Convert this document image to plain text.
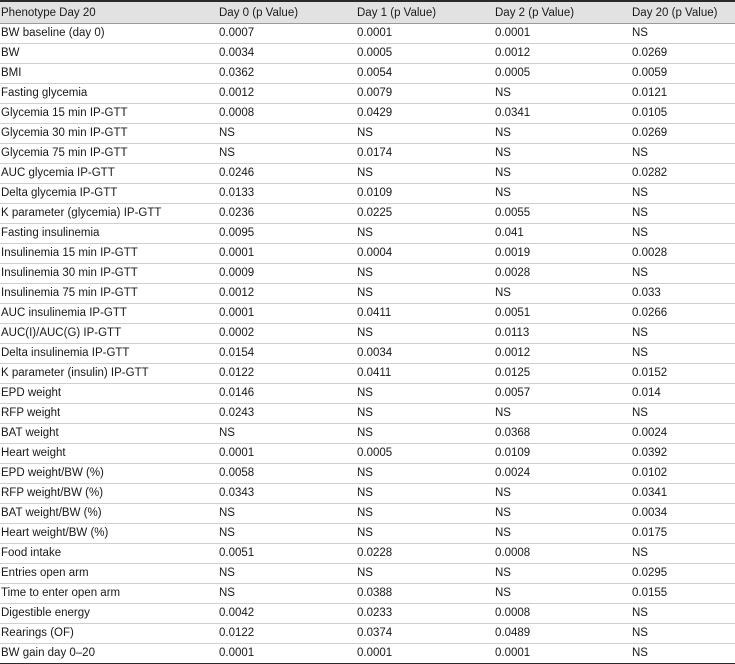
Phenotype Day 20	Day 0 (p Value)	Day 1 (p Value)	Day 2 (p Value)	Day 20 (p Value)
BW baseline (day 0)	0.0007	0.0001	0.0001	NS
BW	0.0034	0.0005	0.0012	0.0269
BMI	0.0362	0.0054	0.0005	0.0059
Fasting glycemia	0.0012	0.0079	NS	0.0121
Glycemia 15 min IP-GTT	0.0008	0.0429	0.0341	0.0105
Glycemia 30 min IP-GTT	NS	NS	NS	0.0269
Glycemia 75 min IP-GTT	NS	0.0174	NS	NS
AUC glycemia IP-GTT	0.0246	NS	NS	0.0282
Delta glycemia IP-GTT	0.0133	0.0109	NS	NS
K parameter (glycemia) IP-GTT	0.0236	0.0225	0.0055	NS
Fasting insulinemia	0.0095	NS	0.041	NS
Insulinemia 15 min IP-GTT	0.0001	0.0004	0.0019	0.0028
Insulinemia 30 min IP-GTT	0.0009	NS	0.0028	NS
Insulinemia 75 min IP-GTT	0.0012	NS	NS	0.033
AUC insulinemia IP-GTT	0.0001	0.0411	0.0051	0.0266
AUC(I)/AUC(G) IP-GTT	0.0002	NS	0.0113	NS
Delta insulinemia IP-GTT	0.0154	0.0034	0.0012	NS
K parameter (insulin) IP-GTT	0.0122	0.0411	0.0125	0.0152
EPD weight	0.0146	NS	0.0057	0.014
RFP weight	0.0243	NS	NS	NS
BAT weight	NS	NS	0.0368	0.0024
Heart weight	0.0001	0.0005	0.0109	0.0392
EPD weight/BW (%)	0.0058	NS	0.0024	0.0102
RFP weight/BW (%)	0.0343	NS	NS	0.0341
BAT weight/BW (%)	NS	NS	NS	0.0034
Heart weight/BW (%)	NS	NS	NS	0.0175
Food intake	0.0051	0.0228	0.0008	NS
Entries open arm	NS	NS	NS	0.0295
Time to enter open arm	NS	0.0388	NS	0.0155
Digestible energy	0.0042	0.0233	0.0008	NS
Rearings (OF)	0.0122	0.0374	0.0489	NS
BW gain day 0–20	0.0001	0.0001	0.0001	NS
